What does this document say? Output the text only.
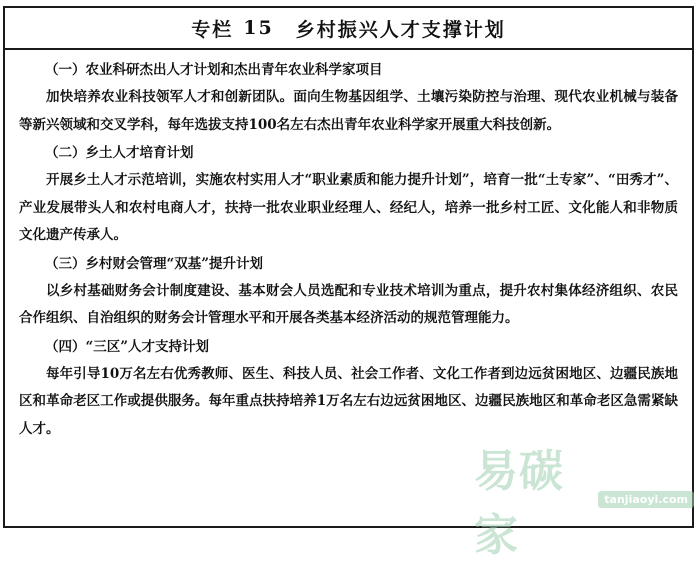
专栏 15 乡村振兴人才支撑计划
（一）农业科研杰出人才计划和杰出青年农业科学家项目

加快培养农业科技领军人才和创新团队。面向生物基因组学、土壤污染防控与治理、现代农业机械与装备等新兴领域和交叉学科，每年选拔支持100名左右杰出青年农业科学家开展重大科技创新。

（二）乡土人才培育计划

开展乡土人才示范培训，实施农村实用人才“职业素质和能力提升计划”，培育一批“土专家”、“田秀才”、产业发展带头人和农村电商人才，扶持一批农业职业经理人、经纪人，培养一批乡村工匠、文化能人和非物质文化遗产传承人。

（三）乡村财会管理“双基”提升计划

以乡村基础财务会计制度建设、基本财会人员选配和专业技术培训为重点，提升农村集体经济组织、农民合作组织、自治组织的财务会计管理水平和开展各类基本经济活动的规范管理能力。

（四）“三区”人才支持计划

每年引导10万名左右优秀教师、医生、科技人员、社会工作者、文化工作者到边远贫困地区、边疆民族地区和革命老区工作或提供服务。每年重点扶持培养1万名左右边远贫困地区、边疆民族地区和革命老区急需紧缺人才。

易碳家
tanjiaoyi.com
